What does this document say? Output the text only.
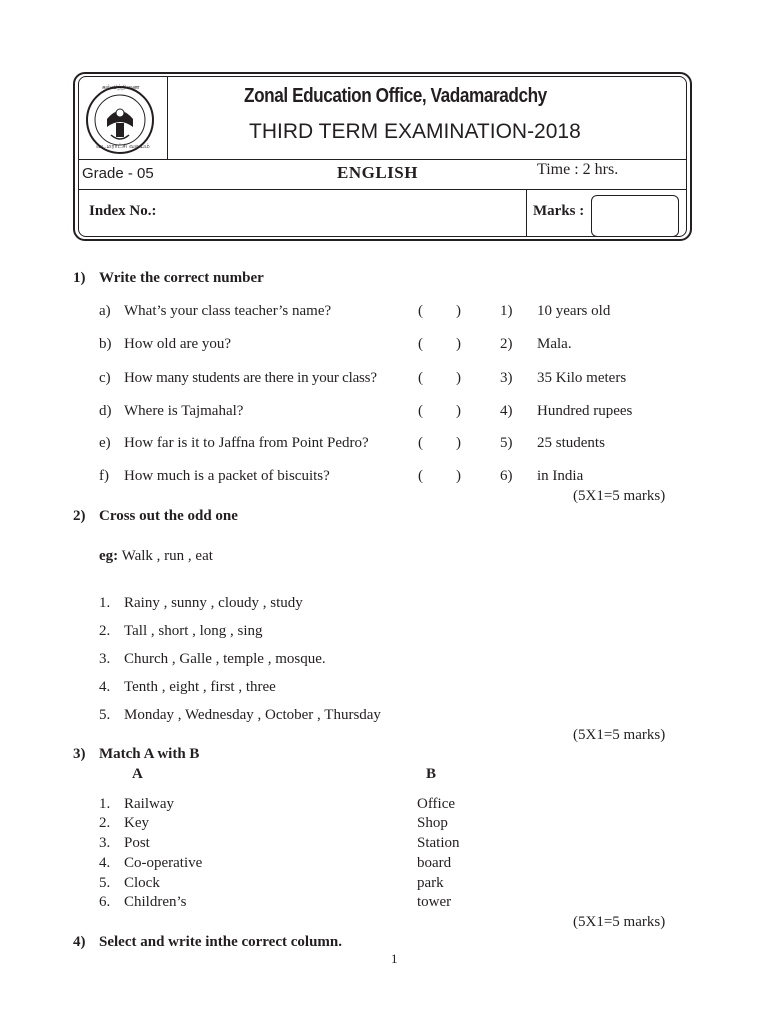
கல்வித்திணை
வடமராட்சி வலயம்
Zonal Education Office, Vadamaradchy
THIRD TERM EXAMINATION-2018
Grade - 05	ENGLISH	Time : 2 hrs.
Index No.:	Marks :
1) Write the correct number
a) What’s your class teacher’s name?	( )	1) 10 years old
b) How old are you?	( )	2) Mala.
c) How many students are there in your class?	( )	3) 35 Kilo meters
d) Where is Tajmahal?	( )	4) Hundred rupees
e) How far is it to Jaffna from Point Pedro?	( )	5) 25 students
f) How much is a packet of biscuits?	( )	6) in India
(5X1=5 marks)
2) Cross out the odd one
eg: Walk , run , eat
1. Rainy , sunny , cloudy , study
2. Tall , short , long , sing
3. Church , Galle , temple , mosque.
4. Tenth , eight , first , three
5. Monday , Wednesday , October , Thursday
(5X1=5 marks)
3) Match A with B
A	B
1. Railway	Office
2. Key	Shop
3. Post	Station
4. Co-operative	board
5. Clock	park
6. Children’s	tower
(5X1=5 marks)
4) Select and write inthe correct column.
1
